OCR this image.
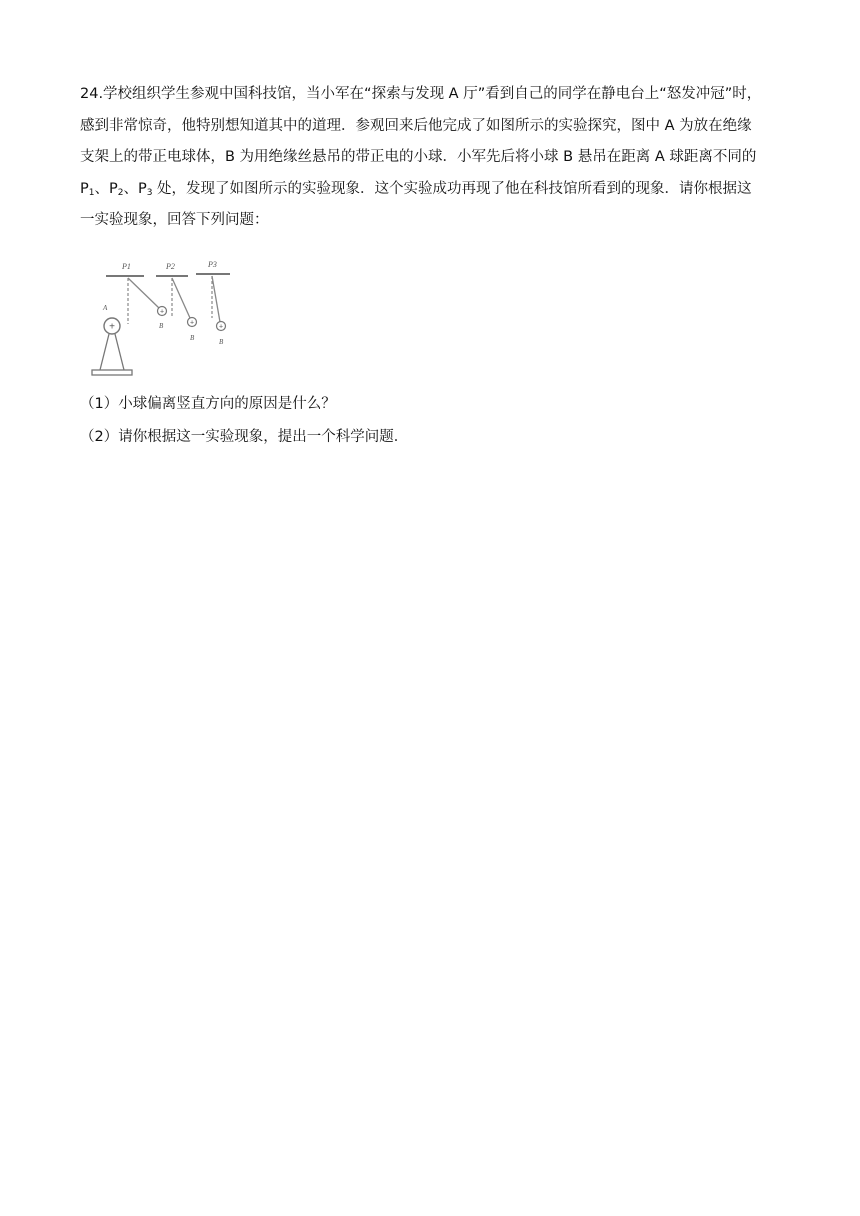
24.学校组织学生参观中国科技馆，当小军在“探索与发现 A 厅”看到自己的同学在静电台上“怒发冲冠”时，
感到非常惊奇，他特别想知道其中的道理．参观回来后他完成了如图所示的实验探究，图中 A 为放在绝缘
支架上的带正电球体，B 为用绝缘丝悬吊的带正电的小球．小军先后将小球 B 悬吊在距离 A 球距离不同的
$P_1$、$P_2$、$P_3$ 处，发现了如图所示的实验现象．这个实验成功再现了他在科技馆所看到的现象．请你根据这
一实验现象，回答下列问题：
P1	P2	P3
+
+
+
B
B	B
A
+
（1）小球偏离竖直方向的原因是什么？
（2）请你根据这一实验现象，提出一个科学问题．
